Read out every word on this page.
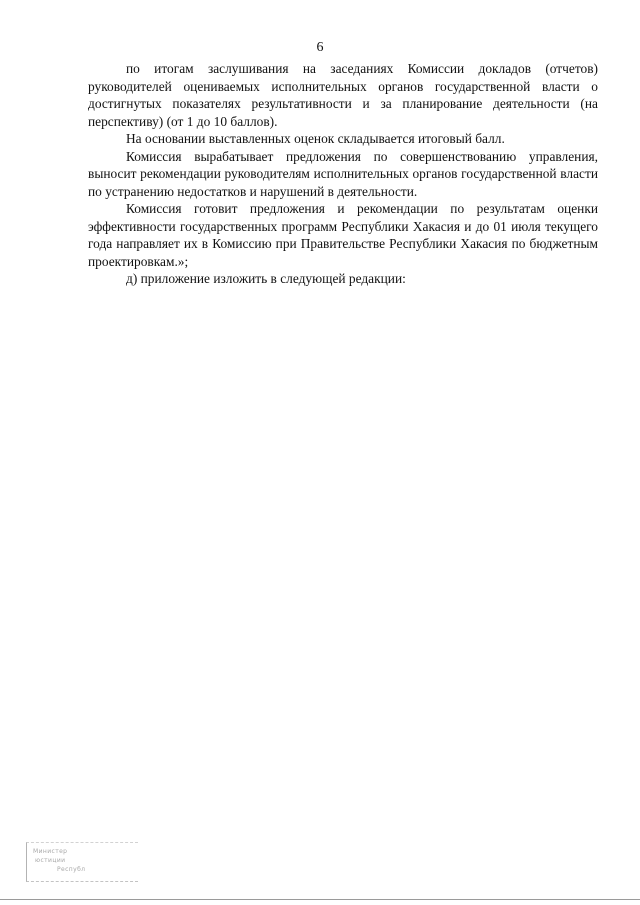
6

по итогам заслушивания на заседаниях Комиссии докладов (отчетов) руководителей оцениваемых исполнительных органов государственной власти о достигнутых показателях результативности и за планирование деятельности (на перспективу) (от 1 до 10 баллов).

На основании выставленных оценок складывается итоговый балл.

Комиссия вырабатывает предложения по совершенствованию управления, выносит рекомендации руководителям исполнительных органов государственной власти по устранению недостатков и нарушений в деятельности.

Комиссия готовит предложения и рекомендации по результатам оценки эффективности государственных программ Республики Хакасия и до 01 июля текущего года направляет их в Комиссию при Правительстве Республики Хакасия по бюджетным проектировкам.»;

д) приложение изложить в следующей редакции:

Министер
юстиции
Республ
